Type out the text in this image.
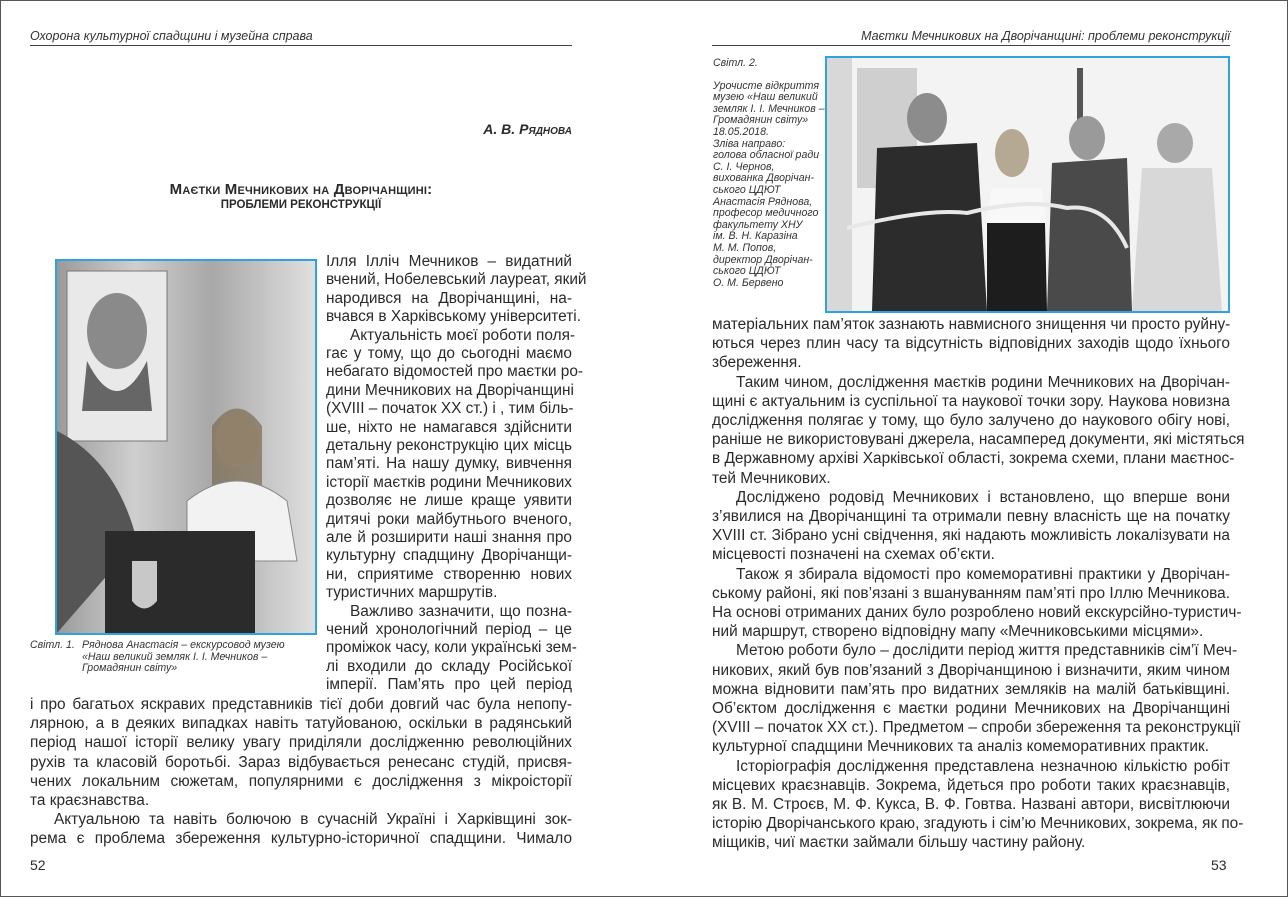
Охорона культурної спадщини і музейна справа
А. В. Ряднова
Маєтки Мечникових на Дворічанщині:
ПРОБЛЕМИ РЕКОНСТРУКЦІЇ
Світл. 1. Ряднова Анастасія – екскурсовод музею
«Наш великий земляк І. І. Мечников –
Громадянин світу»
Ілля Ілліч Мечников – видатний
вчений, Нобелевський лауреат, який
народився на Дворічанщині, на-
вчався в Харківському університеті.
Актуальність моєї роботи поля-
гає у тому, що до сьогодні маємо
небагато відомостей про маєтки ро-
дини Мечникових на Дворічанщині
(XVIII – початок XX ст.) і , тим біль-
ше, ніхто не намагався здійснити
детальну реконструкцію цих місць
пам’яті. На нашу думку, вивчення
історії маєтків родини Мечникових
дозволяє не лише краще уявити
дитячі роки майбутнього вченого,
але й розширити наші знання про
культурну спадщину Дворічанщи-
ни, сприятиме створенню нових
туристичних маршрутів.
Важливо зазначити, що позна-
чений хронологічний період – це
проміжок часу, коли українські зем-
лі входили до складу Російської
імперії. Пам’ять про цей період
і про багатьох яскравих представників тієї доби довгий час була непопу-
лярною, а в деяких випадках навіть татуйованою, оскільки в радянський
період нашої історії велику увагу приділяли дослідженню революційних
рухів та класовій боротьбі. Зараз відбувається ренесанс студій, присвя-
чених локальним сюжетам, популярними є дослідження з мікроісторії
та краєзнавства.
Актуальною та навіть болючою в сучасній Україні і Харківщині зок-
рема є проблема збереження культурно-історичної спадщини. Чимало
52
Маєтки Мечникових на Дворічанщині: проблеми реконструкції
Світл. 2.
Урочисте відкриття
музею «Наш великий
земляк І. І. Мечников –
Громадянин світу»
18.05.2018.
Зліва направо:
голова обласної ради
С. І. Чернов,
вихованка Дворічан-
ського ЦДЮТ
Анастасія Ряднова,
професор медичного
факультету ХНУ
ім. В. Н. Каразіна
М. М. Попов,
директор Дворічан-
ського ЦДЮТ
О. М. Бервено
матеріальних пам’яток зазнають навмисного знищення чи просто руйну-
ються через плин часу та відсутність відповідних заходів щодо їхнього
збереження.
Таким чином, дослідження маєтків родини Мечникових на Дворічан-
щині є актуальним із суспільної та наукової точки зору. Наукова новизна
дослідження полягає у тому, що було залучено до наукового обігу нові,
раніше не використовувані джерела, насамперед документи, які містяться
в Державному архіві Харківської області, зокрема схеми, плани маєтнос-
тей Мечникових.
Досліджено родовід Мечникових і встановлено, що вперше вони
з’явилися на Дворічанщині та отримали певну власність ще на початку
XVIII ст. Зібрано усні свідчення, які надають можливість локалізувати на
місцевості позначені на схемах об’єкти.
Також я збирала відомості про комеморативні практики у Дворічан-
ському районі, які пов’язані з вшануванням пам’яті про Іллю Мечникова.
На основі отриманих даних було розроблено новий екскурсійно-туристич-
ний маршрут, створено відповідну мапу «Мечниковськими місцями».
Метою роботи було – дослідити період життя представників сім’ї Меч-
никових, який був пов’язаний з Дворічанщиною і визначити, яким чином
можна відновити пам’ять про видатних земляків на малій батьківщині.
Об’єктом дослідження є маєтки родини Мечникових на Дворічанщині
(XVIII – початок XX ст.). Предметом – спроби збереження та реконструкції
культурної спадщини Мечникових та аналіз комеморативних практик.
Історіографія дослідження представлена незначною кількістю робіт
місцевих краєзнавців. Зокрема, йдеться про роботи таких краєзнавців,
як В. М. Строєв, М. Ф. Кукса, В. Ф. Говтва. Названі автори, висвітлюючи
історію Дворічанського краю, згадують і сім’ю Мечникових, зокрема, як по-
міщиків, чиї маєтки займали більшу частину району.
53
